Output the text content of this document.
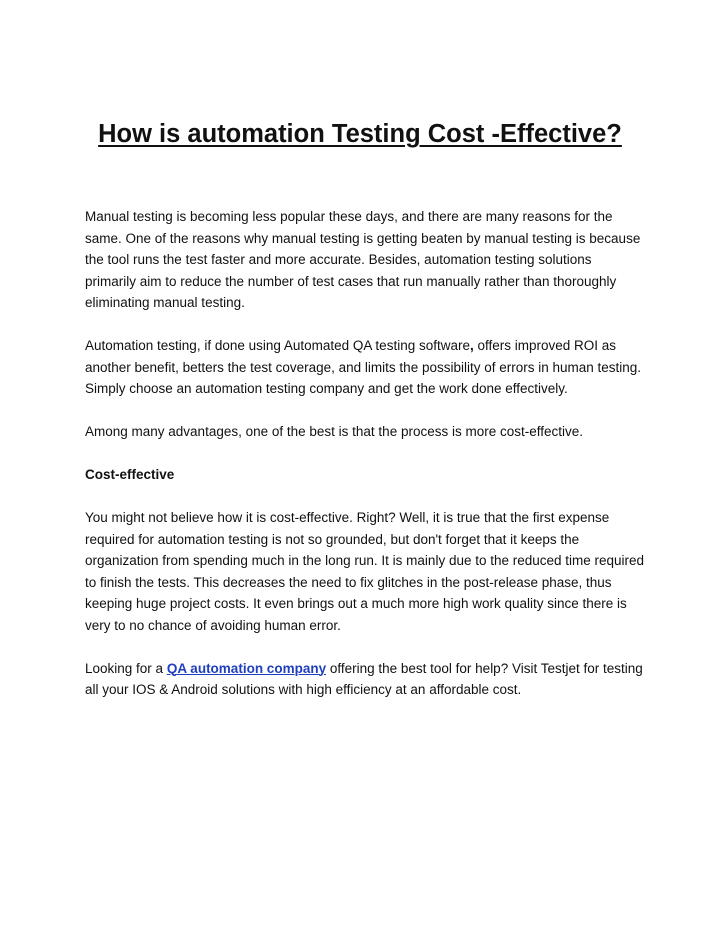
How is automation Testing Cost -Effective?

Manual testing is becoming less popular these days, and there are many reasons for the same. One of the reasons why manual testing is getting beaten by manual testing is because the tool runs the test faster and more accurate. Besides, automation testing solutions primarily aim to reduce the number of test cases that run manually rather than thoroughly eliminating manual testing.

Automation testing, if done using Automated QA testing software, offers improved ROI as another benefit, betters the test coverage, and limits the possibility of errors in human testing. Simply choose an automation testing company and get the work done effectively.

Among many advantages, one of the best is that the process is more cost-effective.

Cost-effective

You might not believe how it is cost-effective. Right? Well, it is true that the first expense required for automation testing is not so grounded, but don't forget that it keeps the organization from spending much in the long run. It is mainly due to the reduced time required to finish the tests. This decreases the need to fix glitches in the post-release phase, thus keeping huge project costs. It even brings out a much more high work quality since there is very to no chance of avoiding human error.

Looking for a QA automation company offering the best tool for help? Visit Testjet for testing all your IOS & Android solutions with high efficiency at an affordable cost.
